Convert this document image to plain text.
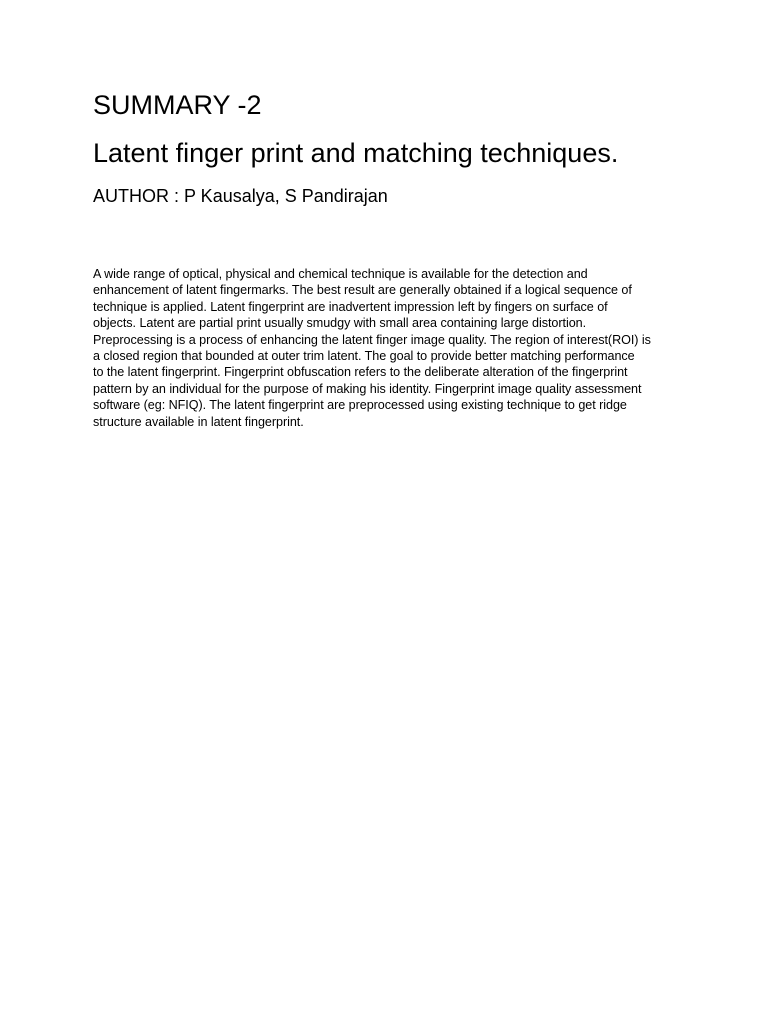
SUMMARY -2
Latent finger print and matching techniques.
AUTHOR : P Kausalya, S Pandirajan
A wide range of optical, physical and chemical technique is available for the detection and
enhancement of latent fingermarks. The best result are generally obtained if a logical sequence of
technique is applied. Latent fingerprint are inadvertent impression left by fingers on surface of
objects. Latent are partial print usually smudgy with small area containing large distortion.
Preprocessing is a process of enhancing the latent finger image quality. The region of interest(ROI) is
a closed region that bounded at outer trim latent. The goal to provide better matching performance
to the latent fingerprint. Fingerprint obfuscation refers to the deliberate alteration of the fingerprint
pattern by an individual for the purpose of making his identity. Fingerprint image quality assessment
software (eg: NFIQ). The latent fingerprint are preprocessed using existing technique to get ridge
structure available in latent fingerprint.
